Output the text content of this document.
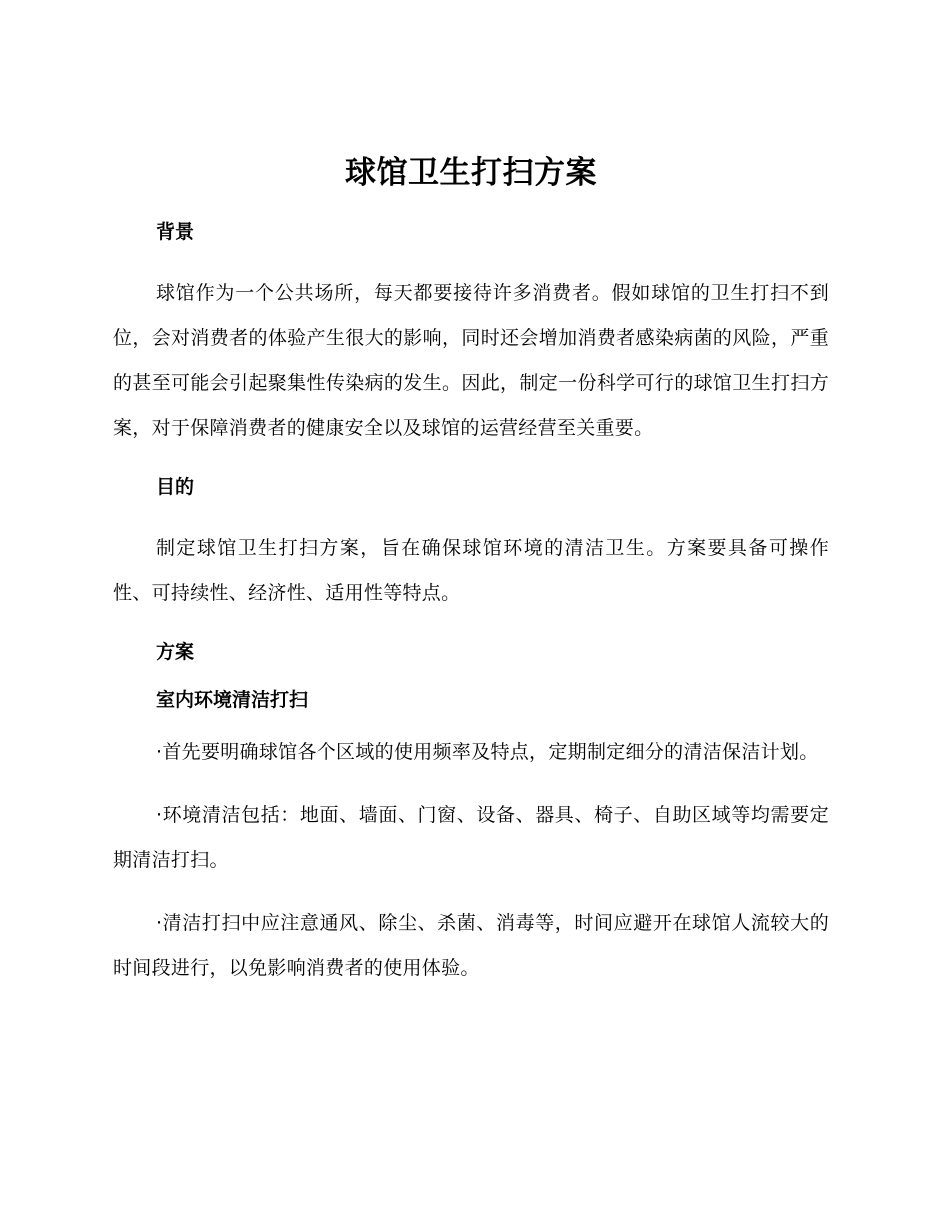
球馆卫生打扫方案
背景

球馆作为一个公共场所，每天都要接待许多消费者。假如球馆的卫生打扫不到位，会对消费者的体验产生很大的影响，同时还会增加消费者感染病菌的风险，严重的甚至可能会引起聚集性传染病的发生。因此，制定一份科学可行的球馆卫生打扫方案，对于保障消费者的健康安全以及球馆的运营经营至关重要。

目的

制定球馆卫生打扫方案，旨在确保球馆环境的清洁卫生。方案要具备可操作性、可持续性、经济性、适用性等特点。

方案
室内环境清洁打扫

·首先要明确球馆各个区域的使用频率及特点，定期制定细分的清洁保洁计划。

·环境清洁包括：地面、墙面、门窗、设备、器具、椅子、自助区域等均需要定期清洁打扫。

·清洁打扫中应注意通风、除尘、杀菌、消毒等，时间应避开在球馆人流较大的时间段进行，以免影响消费者的使用体验。
